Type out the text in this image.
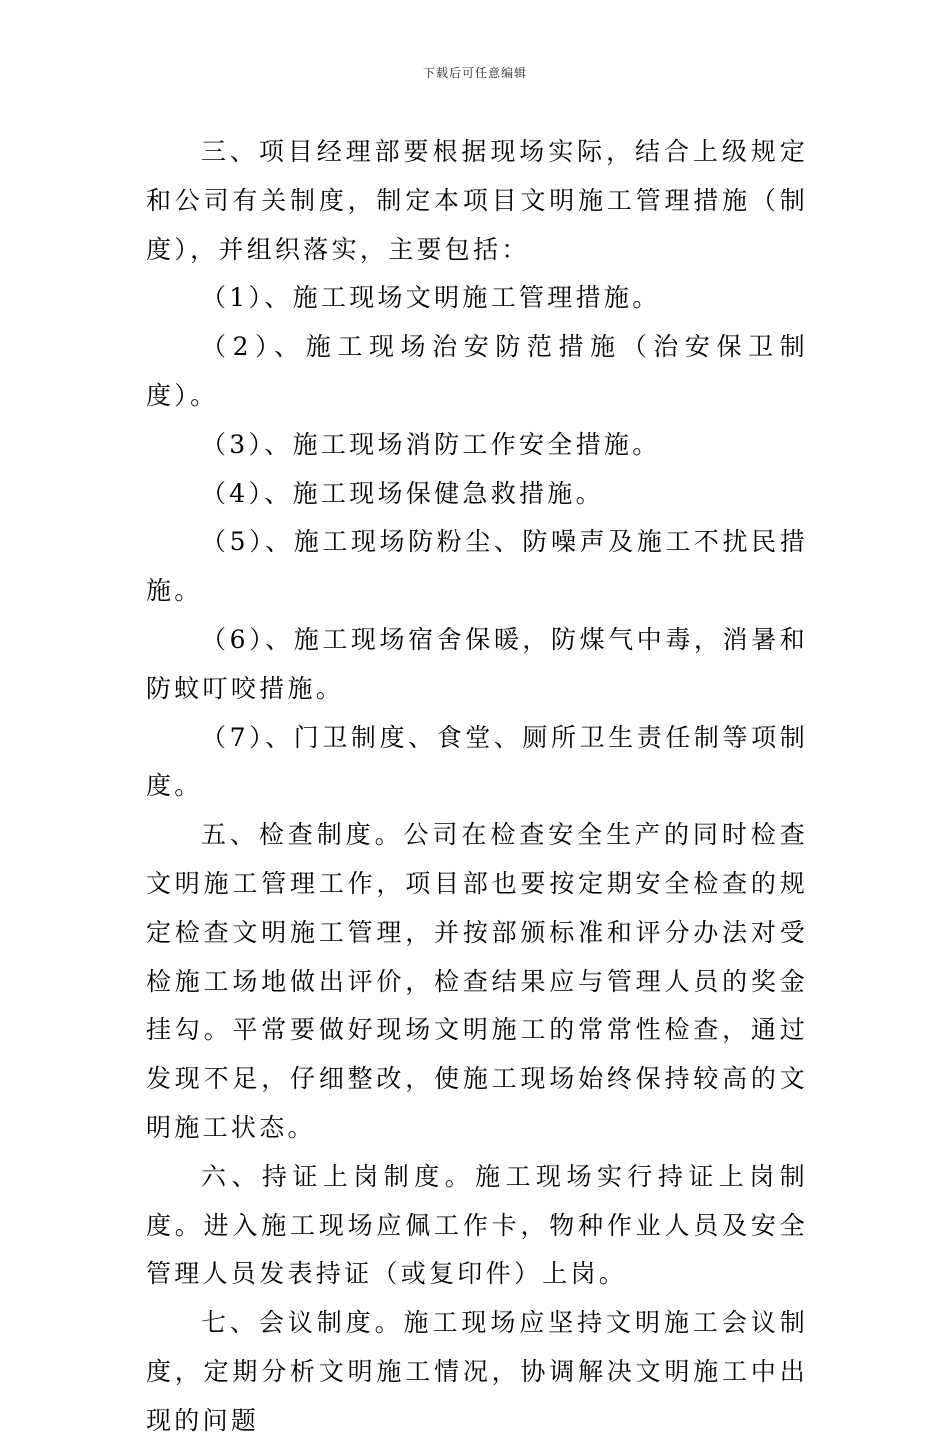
下载后可任意编辑

三、项目经理部要根据现场实际，结合上级规定和公司有关制度，制定本项目文明施工管理措施（制度），并组织落实，主要包括：

（1）、施工现场文明施工管理措施。

（2）、施工现场治安防范措施（治安保卫制度）。

（3）、施工现场消防工作安全措施。

（4）、施工现场保健急救措施。

（5）、施工现场防粉尘、防噪声及施工不扰民措施。

（6）、施工现场宿舍保暖，防煤气中毒，消暑和防蚊叮咬措施。

（7）、门卫制度、食堂、厕所卫生责任制等项制度。

五、检查制度。公司在检查安全生产的同时检查文明施工管理工作，项目部也要按定期安全检查的规定检查文明施工管理，并按部颁标准和评分办法对受检施工场地做出评价，检查结果应与管理人员的奖金挂勾。平常要做好现场文明施工的常常性检查，通过发现不足，仔细整改，使施工现场始终保持较高的文明施工状态。

六、持证上岗制度。施工现场实行持证上岗制度。进入施工现场应佩工作卡，物种作业人员及安全管理人员发表持证（或复印件）上岗。

七、会议制度。施工现场应坚持文明施工会议制度，定期分析文明施工情况，协调解决文明施工中出现的问题
